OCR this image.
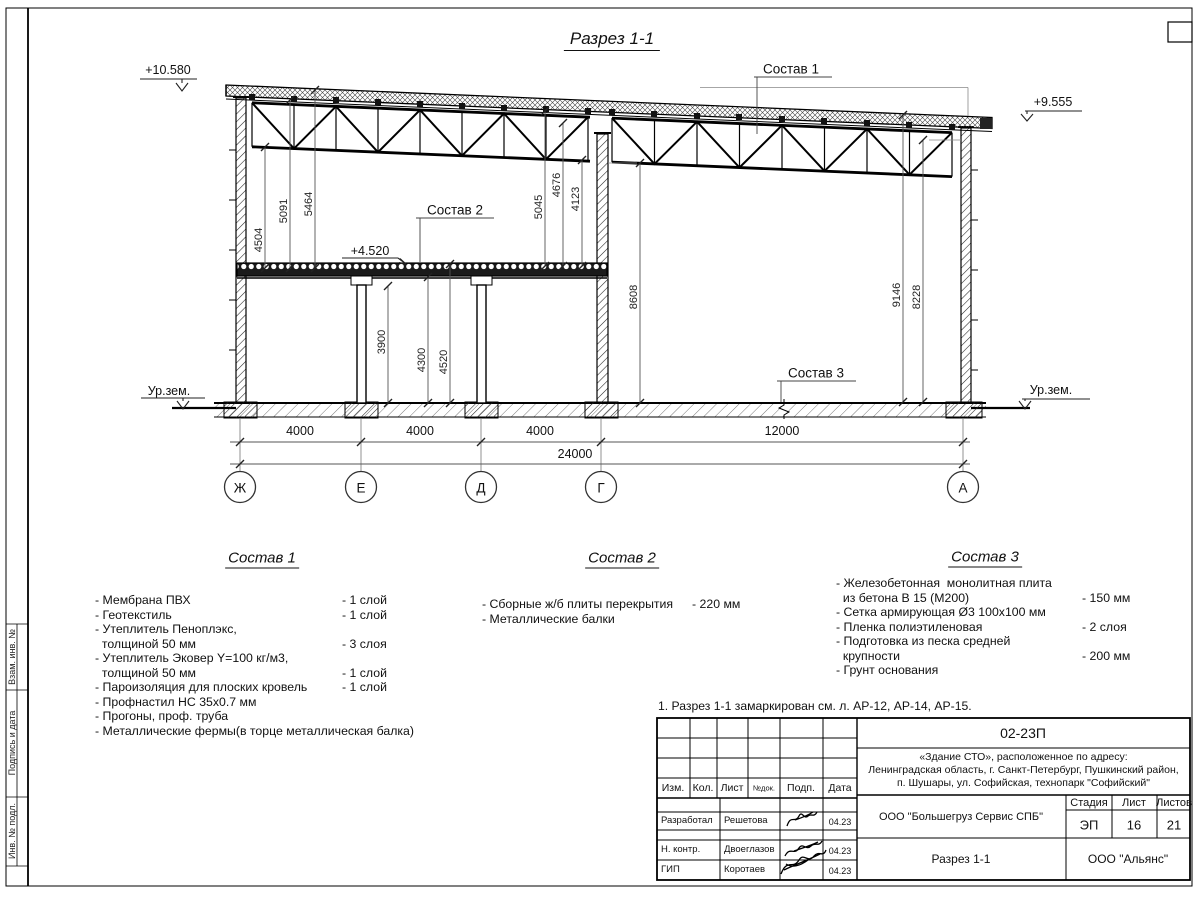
Разрез 1-1
+10.580
+9.555
+4.520
Ур.зем.	Ур.зем.
Состав 1
Состав 2
Состав 3
4504
5091 5464	5045
4676
4123
8608	9146 8228
3900
4300 4520
4000	4000	4000	12000
24000
Ж	Е	Д	Г	А
Состав 1	Состав 2	Состав 3
- Мембрана ПВХ	- 1 слой
- Геотекстиль	- 1 слой
- Утеплитель Пеноплэкс,
толщиной 50 мм	- 3 слоя
- Утеплитель Эковер Y=100 кг/м3,
толщиной 50 мм	- 1 слой
- Пароизоляция для плоских кровель	- 1 слой
- Профнастил НС 35х0.7 мм
- Прогоны, проф. труба
- Металлические фермы(в торце металлическая балка)
- Сборные ж/б плиты перекрытия - 220 мм
- Металлические балки
- Железобетонная  монолитная плита
из бетона В 15 (М200)	- 150 мм
- Сетка армирующая Ø3 100х100 мм
- Пленка полиэтиленовая	- 2 слоя
- Подготовка из песка средней
крупности	- 200 мм
- Грунт основания
1. Разрез 1-1 замаркирован см. л. АР-12, АР-14, АР-15.
02-23П
«Здание СТО», расположенное по адресу:
Ленинградская область, г. Санкт-Петербург, Пушкинский район,
п. Шушары, ул. Софийская, технопарк "Софийский"
Изм. Кол. Лист №док. Подп. Дата
Разработал Решетова	04.23
Н. контр.	Двоеглазов	04.23
ГИП	Коротаев	04.23
ООО "Большегруз Сервис СПБ"
Стадия Лист Листов
ЭП 16 21
Разрез 1-1	ООО "Альянс"
Взам. инв. №
Подпись и дата
Инв. № подл.
